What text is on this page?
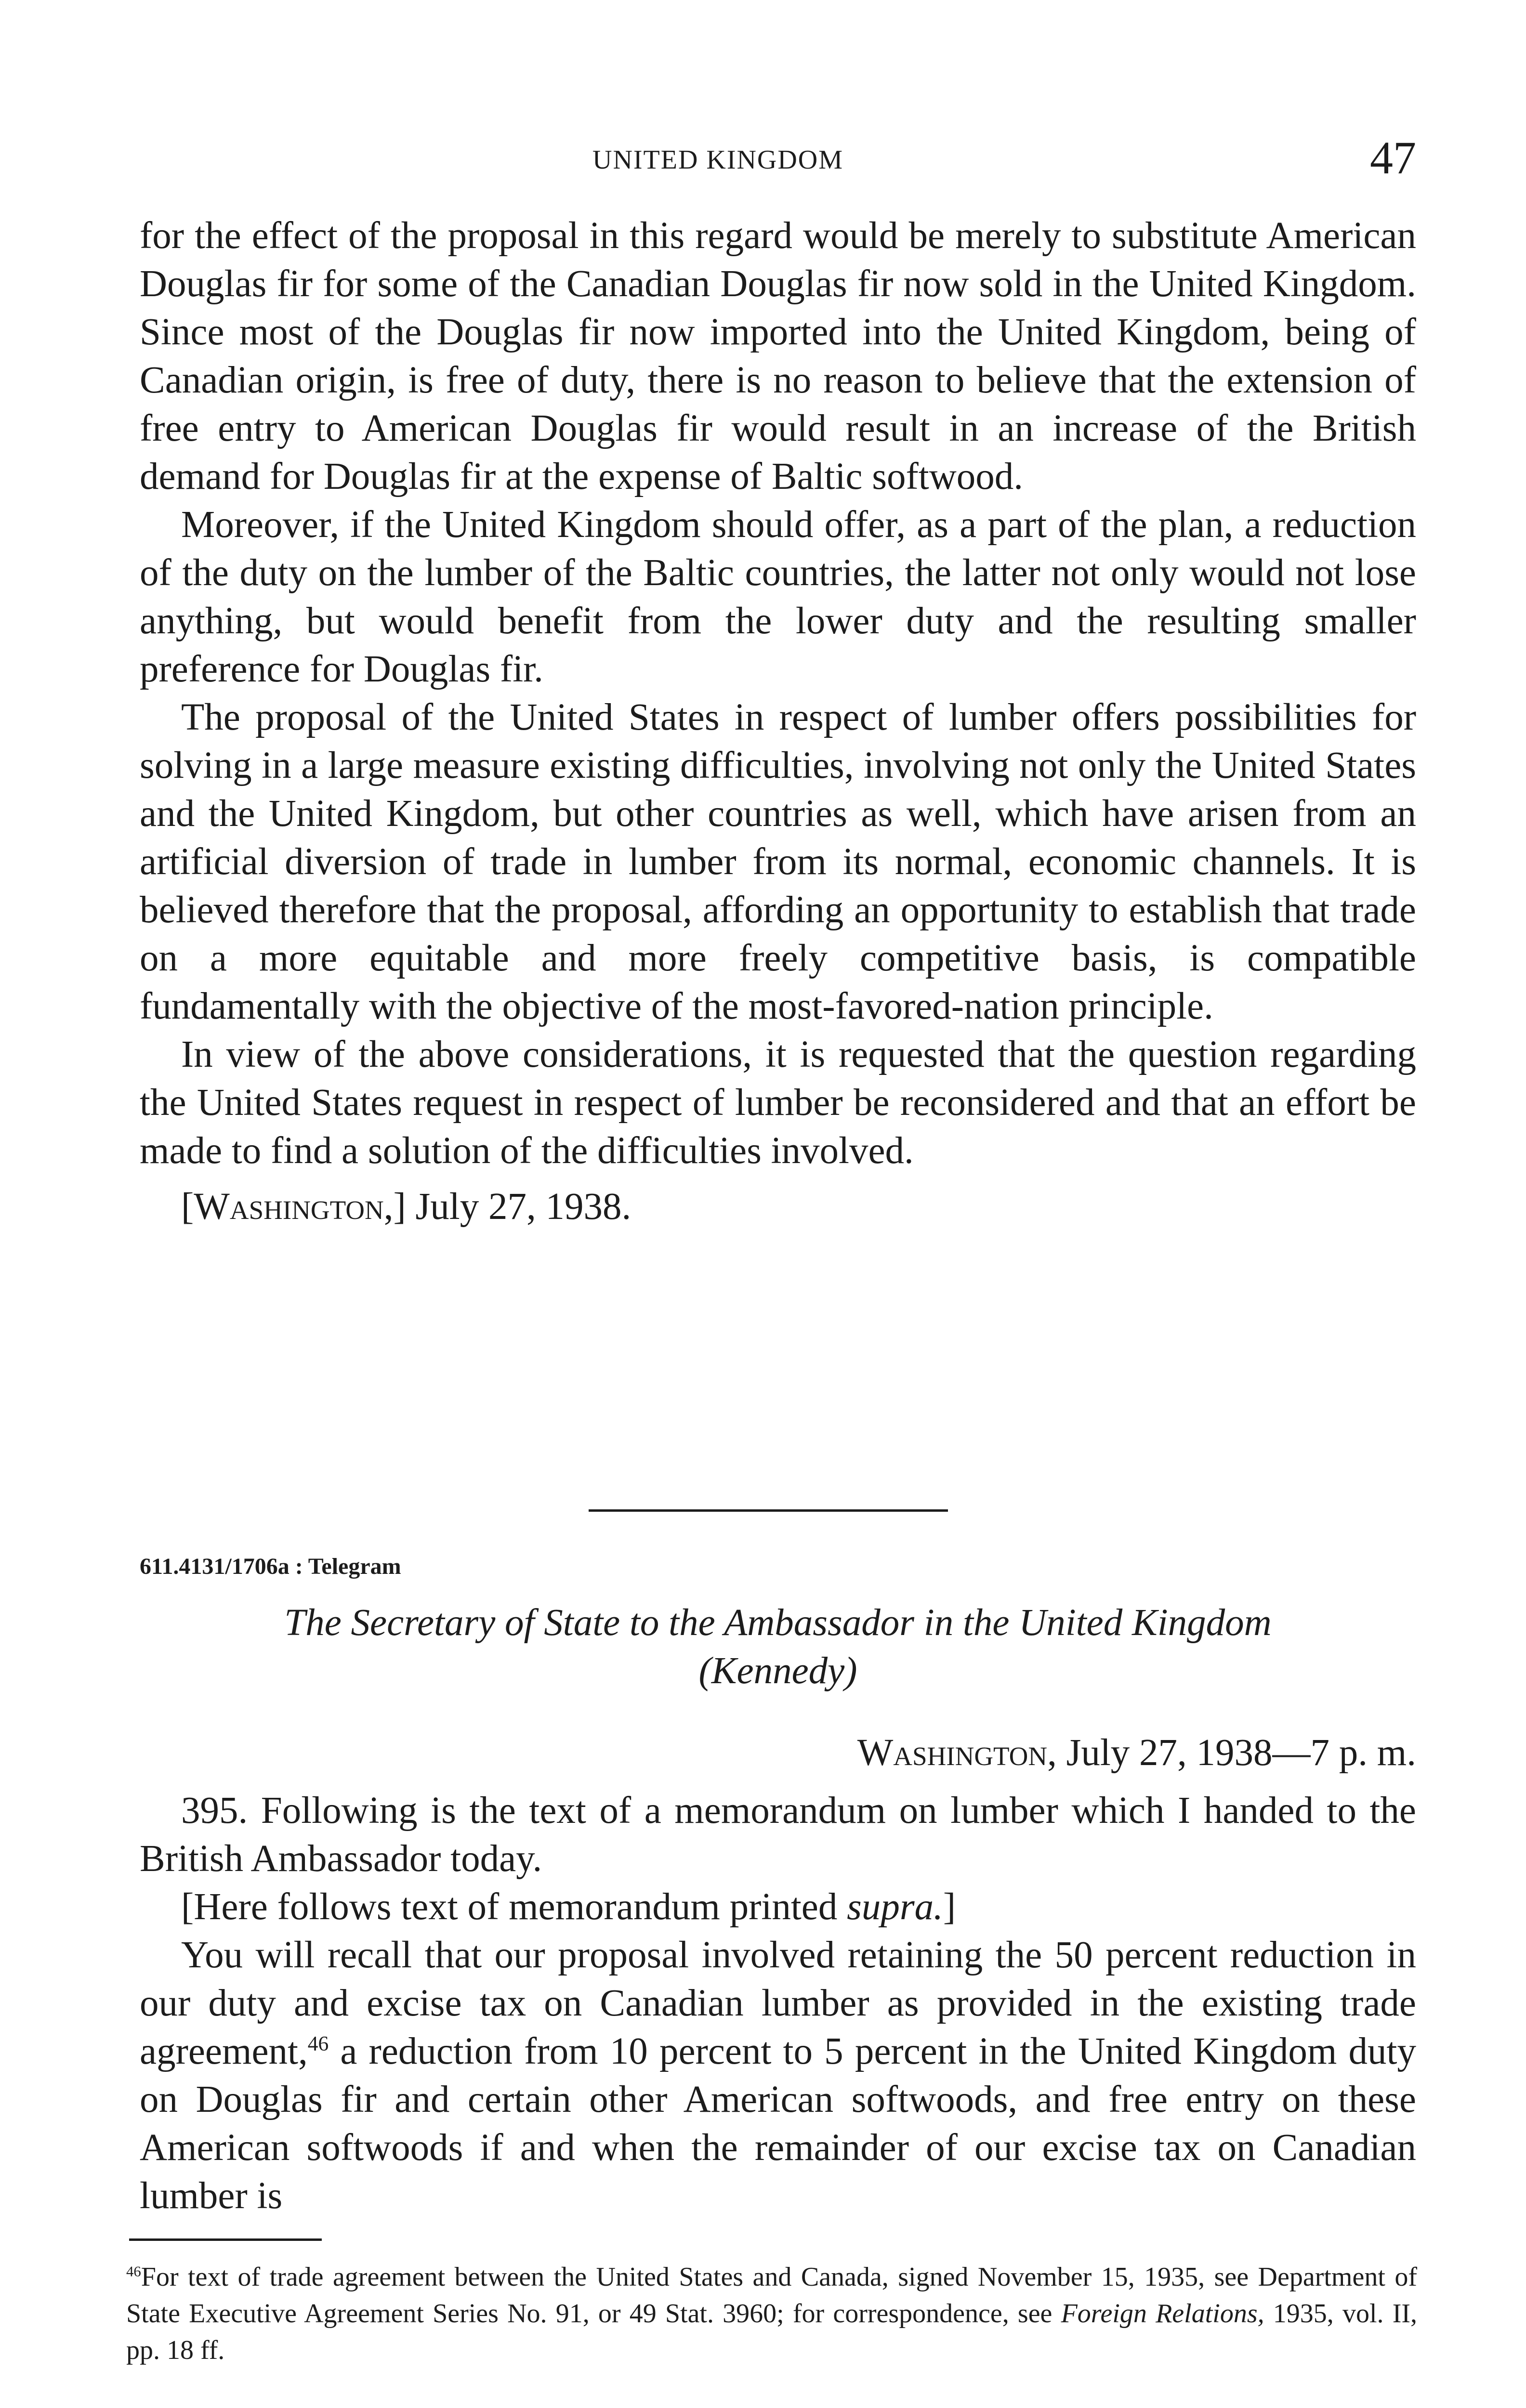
UNITED KINGDOM	47

for the effect of the proposal in this regard would be merely to substitute American Douglas fir for some of the Canadian Douglas fir now sold in the United Kingdom. Since most of the Douglas fir now imported into the United Kingdom, being of Canadian origin, is free of duty, there is no reason to believe that the extension of free entry to American Douglas fir would result in an increase of the British demand for Douglas fir at the expense of Baltic softwood.

Moreover, if the United Kingdom should offer, as a part of the plan, a reduction of the duty on the lumber of the Baltic countries, the latter not only would not lose anything, but would benefit from the lower duty and the resulting smaller preference for Douglas fir.

The proposal of the United States in respect of lumber offers possibilities for solving in a large measure existing difficulties, involving not only the United States and the United Kingdom, but other countries as well, which have arisen from an artificial diversion of trade in lumber from its normal, economic channels. It is believed therefore that the proposal, affording an opportunity to establish that trade on a more equitable and more freely competitive basis, is compatible fundamentally with the objective of the most-favored-nation principle.

In view of the above considerations, it is requested that the question regarding the United States request in respect of lumber be reconsidered and that an effort be made to find a solution of the difficulties involved.

[Washington,] July 27, 1938.
611.4131/1706a : Telegram
The Secretary of State to the Ambassador in the United Kingdom
(Kennedy)
Washington, July 27, 1938—7 p. m.

395. Following is the text of a memorandum on lumber which I handed to the British Ambassador today.

[Here follows text of memorandum printed supra.]

You will recall that our proposal involved retaining the 50 percent reduction in our duty and excise tax on Canadian lumber as provided in the existing trade agreement,$^{46}$ a reduction from 10 percent to 5 percent in the United Kingdom duty on Douglas fir and certain other American softwoods, and free entry on these American softwoods if and when the remainder of our excise tax on Canadian lumber is

$^{46}$For text of trade agreement between the United States and Canada, signed November 15, 1935, see Department of State Executive Agreement Series No. 91, or 49 Stat. 3960; for correspondence, see Foreign Relations, 1935, vol. II, pp. 18 ff.
